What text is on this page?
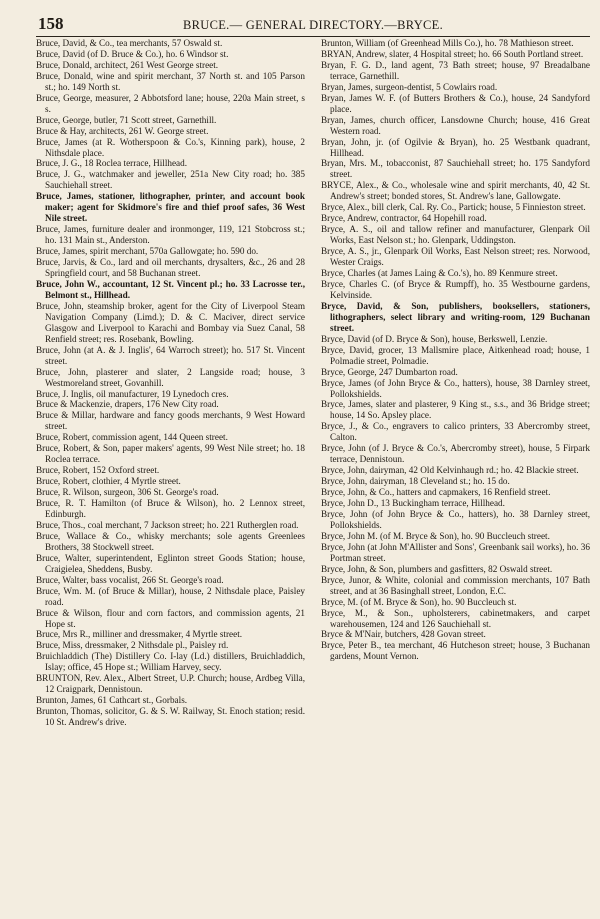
158	BRUCE.— GENERAL DIRECTORY.—BRYCE.

Bruce, David, & Co., tea merchants, 57 Oswald st.

Bruce, David (of D. Bruce & Co.), ho. 6 Windsor st.

Bruce, Donald, architect, 261 West George street.

Bruce, Donald, wine and spirit merchant, 37 North st. and 105 Parson st.; ho. 149 North st.

Bruce, George, measurer, 2 Abbotsford lane; house, 220a Main street, s s.

Bruce, George, butler, 71 Scott street, Garnethill.

Bruce & Hay, architects, 261 W. George street.

Bruce, James (at R. Wotherspoon & Co.'s, Kinning park), house, 2 Nithsdale place.

Bruce, J. G., 18 Roclea terrace, Hillhead.

Bruce, J. G., watchmaker and jeweller, 251a New City road; ho. 385 Sauchiehall street.

Bruce, James, stationer, lithographer, printer, and account book maker; agent for Skidmore's fire and thief proof safes, 36 West Nile street.

Bruce, James, furniture dealer and ironmonger, 119, 121 Stobcross st.; ho. 131 Main st., Anderston.

Bruce, James, spirit merchant, 570a Gallowgate; ho. 590 do.

Bruce, Jarvis, & Co., lard and oil merchants, drysalters, &c., 26 and 28 Springfield court, and 58 Buchanan street.

Bruce, John W., accountant, 12 St. Vincent pl.; ho. 33 Lacrosse ter., Belmont st., Hillhead.

Bruce, John, steamship broker, agent for the City of Liverpool Steam Navigation Company (Limd.); D. & C. Maciver, direct service Glasgow and Liverpool to Karachi and Bombay via Suez Canal, 58 Renfield street; res. Rosebank, Bowling.

Bruce, John (at A. & J. Inglis', 64 Warroch street); ho. 517 St. Vincent street.

Bruce, John, plasterer and slater, 2 Langside road; house, 3 Westmoreland street, Govanhill.

Bruce, J. Inglis, oil manufacturer, 19 Lynedoch cres.

Bruce & Mackenzie, drapers, 176 New City road.

Bruce & Millar, hardware and fancy goods merchants, 9 West Howard street.

Bruce, Robert, commission agent, 144 Queen street.

Bruce, Robert, & Son, paper makers' agents, 99 West Nile street; ho. 18 Roclea terrace.

Bruce, Robert, 152 Oxford street.

Bruce, Robert, clothier, 4 Myrtle street.

Bruce, R. Wilson, surgeon, 306 St. George's road.

Bruce, R. T. Hamilton (of Bruce & Wilson), ho. 2 Lennox street, Edinburgh.

Bruce, Thos., coal merchant, 7 Jackson street; ho. 221 Rutherglen road.

Bruce, Wallace & Co., whisky merchants; sole agents Greenlees Brothers, 38 Stockwell street.

Bruce, Walter, superintendent, Eglinton street Goods Station; house, Craigielea, Sheddens, Busby.

Bruce, Walter, bass vocalist, 266 St. George's road.

Bruce, Wm. M. (of Bruce & Millar), house, 2 Nithsdale place, Paisley road.

Bruce & Wilson, flour and corn factors, and commission agents, 21 Hope st.

Bruce, Mrs R., milliner and dressmaker, 4 Myrtle street.

Bruce, Miss, dressmaker, 2 Nithsdale pl., Paisley rd.

Bruichladdich (The) Distillery Co. I-lay (Ld.) distillers, Bruichladdich, Islay; office, 45 Hope st.; William Harvey, secy.

BRUNTON, Rev. Alex., Albert Street, U.P. Church; house, Ardbeg Villa, 12 Craigpark, Dennistoun.

Brunton, James, 61 Cathcart st., Gorbals.

Brunton, Thomas, solicitor, G. & S. W. Railway, St. Enoch station; resid. 10 St. Andrew's drive.

Brunton, William (of Greenhead Mills Co.), ho. 78 Mathieson street.

BRYAN, Andrew, slater, 4 Hospital street; ho. 66 South Portland street.

Bryan, F. G. D., land agent, 73 Bath street; house, 97 Breadalbane terrace, Garnethill.

Bryan, James, surgeon-dentist, 5 Cowlairs road.

Bryan, James W. F. (of Butters Brothers & Co.), house, 24 Sandyford place.

Bryan, James, church officer, Lansdowne Church; house, 416 Great Western road.

Bryan, John, jr. (of Ogilvie & Bryan), ho. 25 Westbank quadrant, Hillhead.

Bryan, Mrs. M., tobacconist, 87 Sauchiehall street; ho. 175 Sandyford street.

BRYCE, Alex., & Co., wholesale wine and spirit merchants, 40, 42 St. Andrew's street; bonded stores, St. Andrew's lane, Gallowgate.

Bryce, Alex., bill clerk, Cal. Ry. Co., Partick; house, 5 Finnieston street.

Bryce, Andrew, contractor, 64 Hopehill road.

Bryce, A. S., oil and tallow refiner and manufacturer, Glenpark Oil Works, East Nelson st.; ho. Glenpark, Uddingston.

Bryce, A. S., jr., Glenpark Oil Works, East Nelson street; res. Norwood, Wester Craigs.

Bryce, Charles (at James Laing & Co.'s), ho. 89 Kenmure street.

Bryce, Charles C. (of Bryce & Rumpff), ho. 35 Westbourne gardens, Kelvinside.

Bryce, David, & Son, publishers, booksellers, stationers, lithographers, select library and writing-room, 129 Buchanan street.

Bryce, David (of D. Bryce & Son), house, Berkswell, Lenzie.

Bryce, David, grocer, 13 Mallsmire place, Aitkenhead road; house, 1 Polmadie street, Polmadie.

Bryce, George, 247 Dumbarton road.

Bryce, James (of John Bryce & Co., hatters), house, 38 Darnley street, Pollokshields.

Bryce, James, slater and plasterer, 9 King st., s.s., and 36 Bridge street; house, 14 So. Apsley place.

Bryce, J., & Co., engravers to calico printers, 33 Abercromby street, Calton.

Bryce, John (of J. Bryce & Co.'s, Abercromby street), house, 5 Firpark terrace, Dennistoun.

Bryce, John, dairyman, 42 Old Kelvinhaugh rd.; ho. 42 Blackie street.

Bryce, John, dairyman, 18 Cleveland st.; ho. 15 do.

Bryce, John, & Co., hatters and capmakers, 16 Renfield street.

Bryce, John D., 13 Buckingham terrace, Hillhead.

Bryce, John (of John Bryce & Co., hatters), ho. 38 Darnley street, Pollokshields.

Bryce, John M. (of M. Bryce & Son), ho. 90 Buccleuch street.

Bryce, John (at John M'Allister and Sons', Greenbank sail works), ho. 36 Portman street.

Bryce, John, & Son, plumbers and gasfitters, 82 Oswald street.

Bryce, Junor, & White, colonial and commission merchants, 107 Bath street, and at 36 Basinghall street, London, E.C.

Bryce, M. (of M. Bryce & Son), ho. 90 Buccleuch st.

Bryce, M., & Son., upholsterers, cabinetmakers, and carpet warehousemen, 124 and 126 Sauchiehall st.

Bryce & M'Nair, butchers, 428 Govan street.

Bryce, Peter B., tea merchant, 46 Hutcheson street; house, 3 Buchanan gardens, Mount Vernon.
